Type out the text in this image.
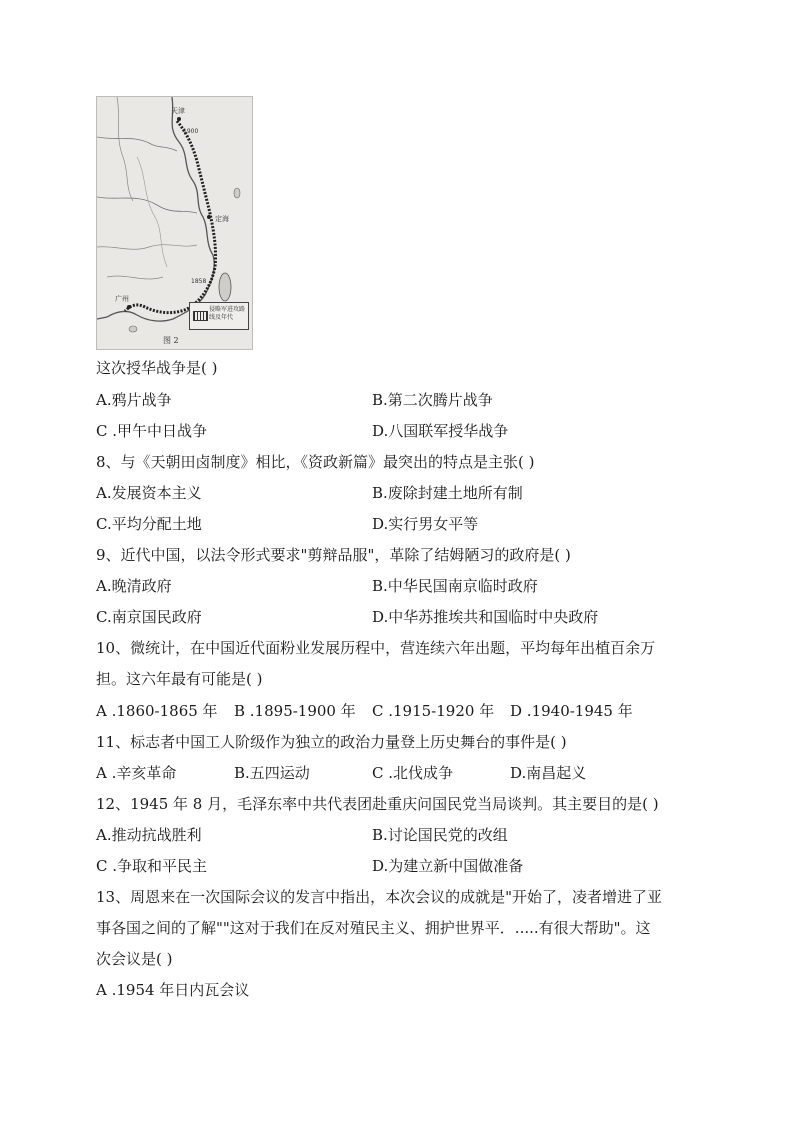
天津
1900
定海
1858
广州
侵略军进攻路线及年代
图 2
这次授华战争是( )
A.鸦片战争	B.第二次腾片战争
C .甲午中日战争	D.八国联军授华战争
8、与《天朝田卤制度》相比，《资政新篇》最突出的特点是主张( )
A.发展资本主义	B.废除封建土地所有制
C.平均分配土地	D.实行男女平等
9、近代中国，以法令形式要求"剪辩品服"，革除了结姆陋习的政府是( )
A.晚清政府	B.中华民国南京临时政府
C.南京国民政府	D.中华苏推埃共和国临时中央政府
10、微统计，在中国近代面粉业发展历程中，营连续六年出题，平均每年出植百余万
担。这六年最有可能是( )
A .1860-1865 年 B .1895-1900 年 C .1915-1920 年 D .1940-1945 年
11、标志者中国工人阶级作为独立的政治力量登上历史舞台的事件是( )
A .辛亥革命	B.五四运动	C .北伐成争	D.南昌起义
12、1945 年 8 月，毛泽东率中共代表团赴重庆问国民党当局谈判。其主要目的是( )
A.推动抗战胜利	B.讨论国民党的改组
C .争取和平民主	D.为建立新中国做准备
13、周恩来在一次国际会议的发言中指出，本次会议的成就是"开始了，凌者增进了亚
事各国之间的了解""这对于我们在反对殖民主义、拥护世界平．.....有很大帮助"。这
次会议是( )
A .1954 年日内瓦会议
